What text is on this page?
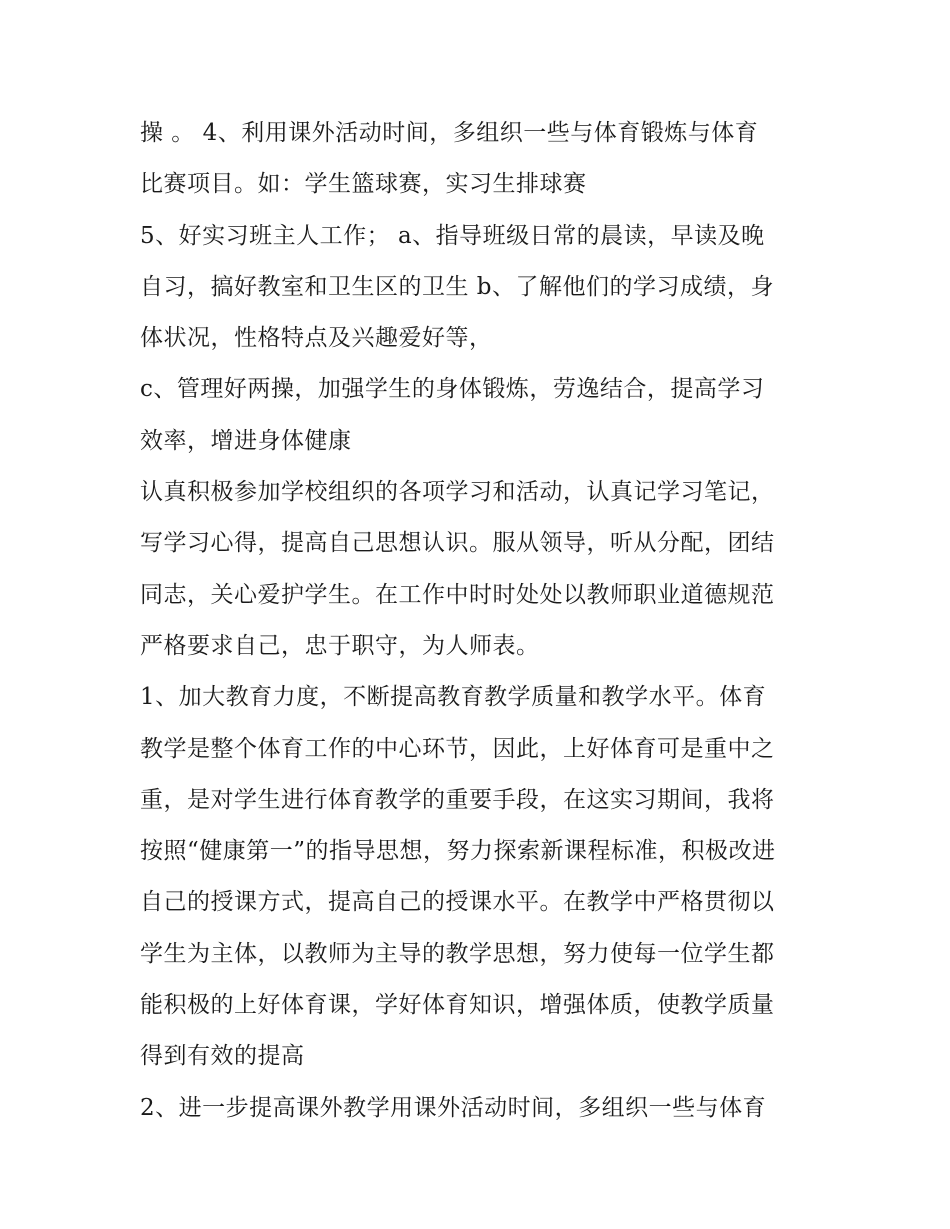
操 。 4、利用课外活动时间，多组织一些与体育锻炼与体育
比赛项目。如：学生篮球赛，实习生排球赛
5、好实习班主人工作； a、指导班级日常的晨读，早读及晚
自习，搞好教室和卫生区的卫生 b、了解他们的学习成绩，身
体状况，性格特点及兴趣爱好等，
c、管理好两操，加强学生的身体锻炼，劳逸结合，提高学习
效率，增进身体健康
认真积极参加学校组织的各项学习和活动，认真记学习笔记，
写学习心得，提高自己思想认识。服从领导，听从分配，团结
同志，关心爱护学生。在工作中时时处处以教师职业道德规范
严格要求自己，忠于职守，为人师表。
1、加大教育力度，不断提高教育教学质量和教学水平。体育
教学是整个体育工作的中心环节，因此，上好体育可是重中之
重，是对学生进行体育教学的重要手段，在这实习期间，我将
按照“健康第一”的指导思想，努力探索新课程标准，积极改进
自己的授课方式，提高自己的授课水平。在教学中严格贯彻以
学生为主体，以教师为主导的教学思想，努力使每一位学生都
能积极的上好体育课，学好体育知识，增强体质，使教学质量
得到有效的提高
2、进一步提高课外教学用课外活动时间，多组织一些与体育
